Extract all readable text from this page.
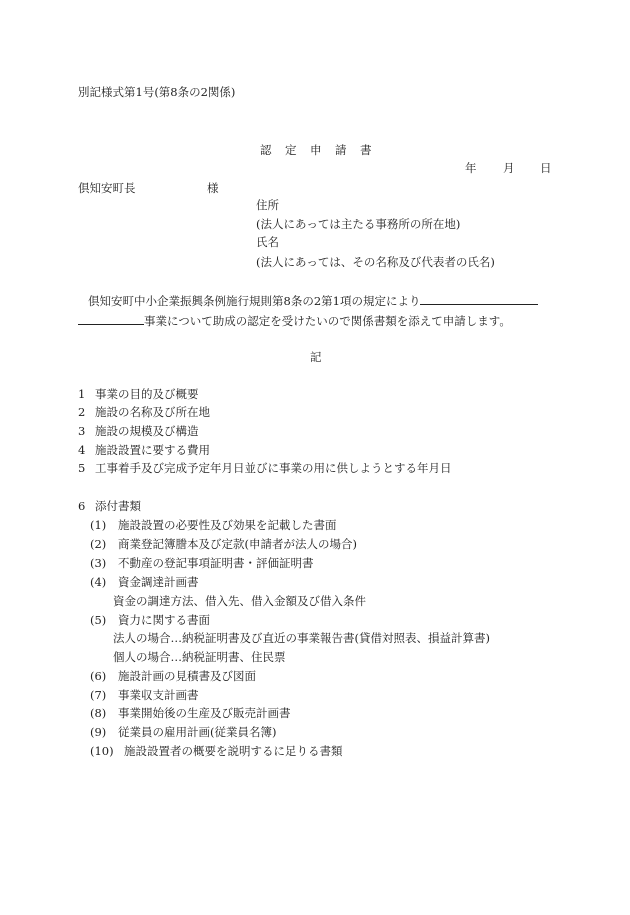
別記様式第1号(第8条の2関係)
認　定　申　請　書
年 月 日
倶知安町長	様
住所
(法人にあっては主たる事務所の所在地)
氏名
(法人にあっては、その名称及び代表者の氏名)
倶知安町中小企業振興条例施行規則第8条の2第1項の規定により
事業について助成の認定を受けたいので関係書類を添えて申請します。
記
1 事業の目的及び概要
2 施設の名称及び所在地
3 施設の規模及び構造
4 施設設置に要する費用
5 工事着手及び完成予定年月日並びに事業の用に供しようとする年月日
6 添付書類
(1) 施設設置の必要性及び効果を記載した書面
(2) 商業登記簿謄本及び定款(申請者が法人の場合)
(3) 不動産の登記事項証明書・評価証明書
(4) 資金調達計画書
資金の調達方法、借入先、借入金額及び借入条件
(5) 資力に関する書面
法人の場合…納税証明書及び直近の事業報告書(貸借対照表、損益計算書)
個人の場合…納税証明書、住民票
(6) 施設計画の見積書及び図面
(7) 事業収支計画書
(8) 事業開始後の生産及び販売計画書
(9) 従業員の雇用計画(従業員名簿)
(10) 施設設置者の概要を説明するに足りる書類
